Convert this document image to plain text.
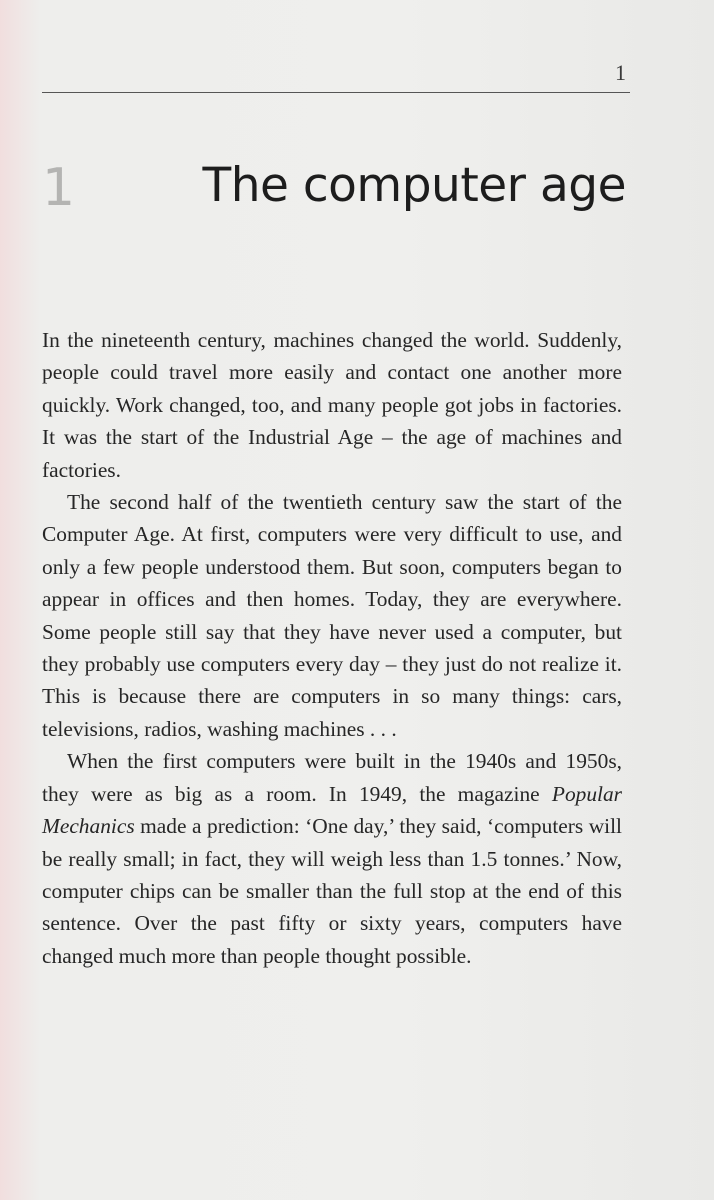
1
1	The computer age

In the nineteenth century, machines changed the world. Suddenly, people could travel more easily and contact one another more quickly. Work changed, too, and many people got jobs in factories. It was the start of the Industrial Age – the age of machines and factories.

The second half of the twentieth century saw the start of the Computer Age. At first, computers were very difficult to use, and only a few people understood them. But soon, computers began to appear in offices and then homes. Today, they are everywhere. Some people still say that they have never used a computer, but they probably use computers every day – they just do not realize it. This is because there are computers in so many things: cars, televisions, radios, washing machines . . .

When the first computers were built in the 1940s and 1950s, they were as big as a room. In 1949, the magazine Popular Mechanics made a prediction: ‘One day,’ they said, ‘computers will be really small; in fact, they will weigh less than 1.5 tonnes.’ Now, computer chips can be smaller than the full stop at the end of this sentence. Over the past fifty or sixty years, computers have changed much more than people thought possible.
